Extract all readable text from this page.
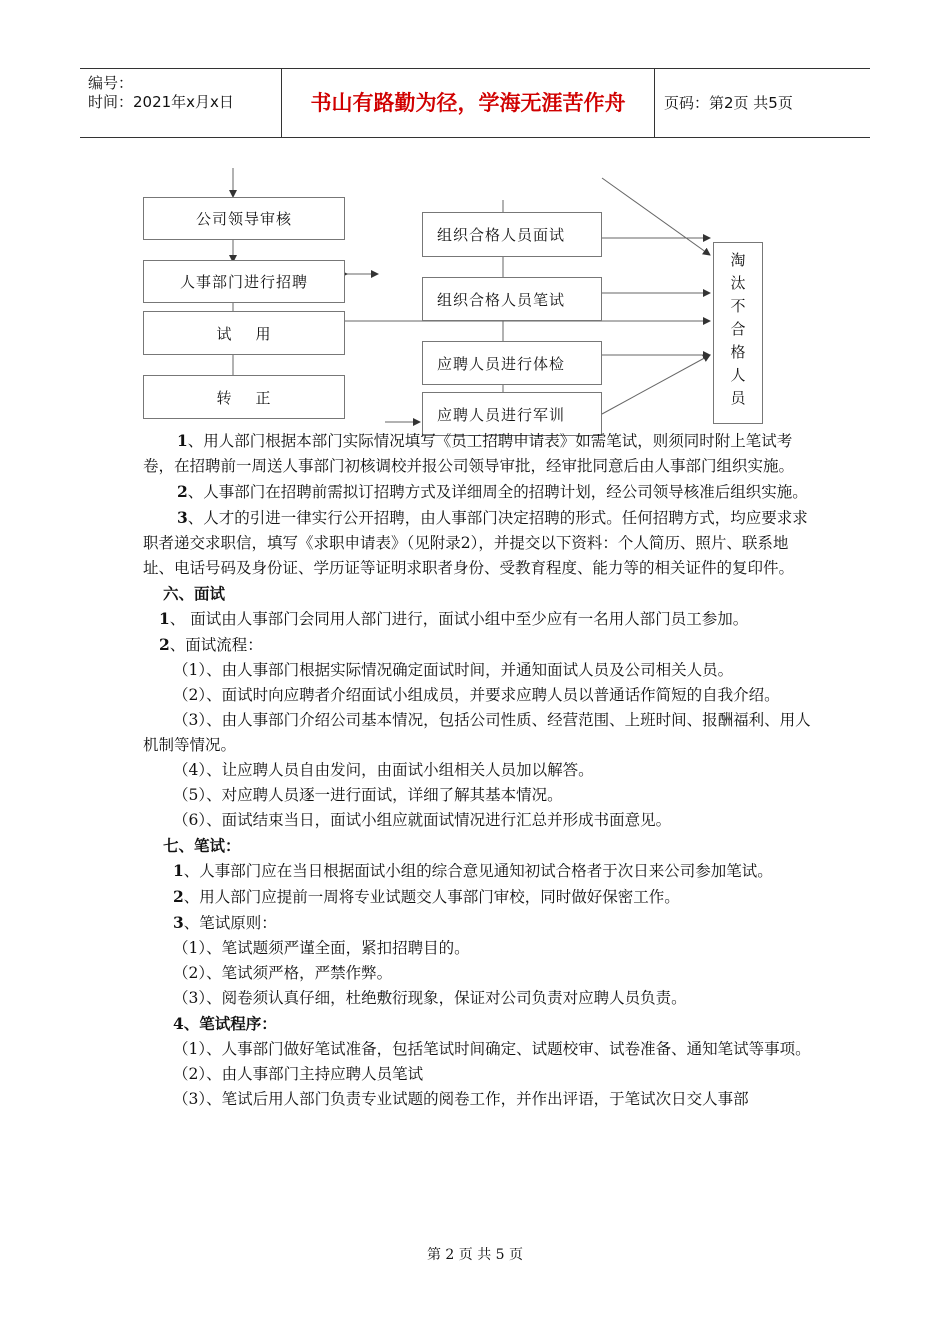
编号：
时间：2021年x月x日	书山有路勤为径，学海无涯苦作舟	页码：第2页 共5页
公司领导审核
人事部门进行招聘
试    用
转    正
组织合格人员面试
组织合格人员笔试
应聘人员进行体检
应聘人员进行军训
淘
汰
不
合
格
人
员
1、用人部门根据本部门实际情况填写《员工招聘申请表》如需笔试，则须同时附上笔试考卷，在招聘前一周送人事部门初核调校并报公司领导审批，经审批同意后由人事部门组织实施。
2、人事部门在招聘前需拟订招聘方式及详细周全的招聘计划，经公司领导核准后组织实施。
3、人才的引进一律实行公开招聘，由人事部门决定招聘的形式。任何招聘方式，均应要求求职者递交求职信，填写《求职申请表》（见附录2），并提交以下资料：个人简历、照片、联系地址、电话号码及身份证、学历证等证明求职者身份、受教育程度、能力等的相关证件的复印件。
六、面试
1、 面试由人事部门会同用人部门进行，面试小组中至少应有一名用人部门员工参加。
2、面试流程：
（1）、由人事部门根据实际情况确定面试时间，并通知面试人员及公司相关人员。
（2）、面试时向应聘者介绍面试小组成员，并要求应聘人员以普通话作简短的自我介绍。
（3）、由人事部门介绍公司基本情况，包括公司性质、经营范围、上班时间、报酬福利、用人机制等情况。
（4）、让应聘人员自由发问，由面试小组相关人员加以解答。
（5）、对应聘人员逐一进行面试，详细了解其基本情况。
（6）、面试结束当日，面试小组应就面试情况进行汇总并形成书面意见。
七、笔试：
1、人事部门应在当日根据面试小组的综合意见通知初试合格者于次日来公司参加笔试。
2、用人部门应提前一周将专业试题交人事部门审校，同时做好保密工作。
3、笔试原则：
（1）、笔试题须严谨全面，紧扣招聘目的。
（2）、笔试须严格，严禁作弊。
（3）、阅卷须认真仔细，杜绝敷衍现象，保证对公司负责对应聘人员负责。
4、笔试程序：
（1）、人事部门做好笔试准备，包括笔试时间确定、试题校审、试卷准备、通知笔试等事项。
（2）、由人事部门主持应聘人员笔试
（3）、笔试后用人部门负责专业试题的阅卷工作，并作出评语，于笔试次日交人事部
第 2 页 共 5 页
